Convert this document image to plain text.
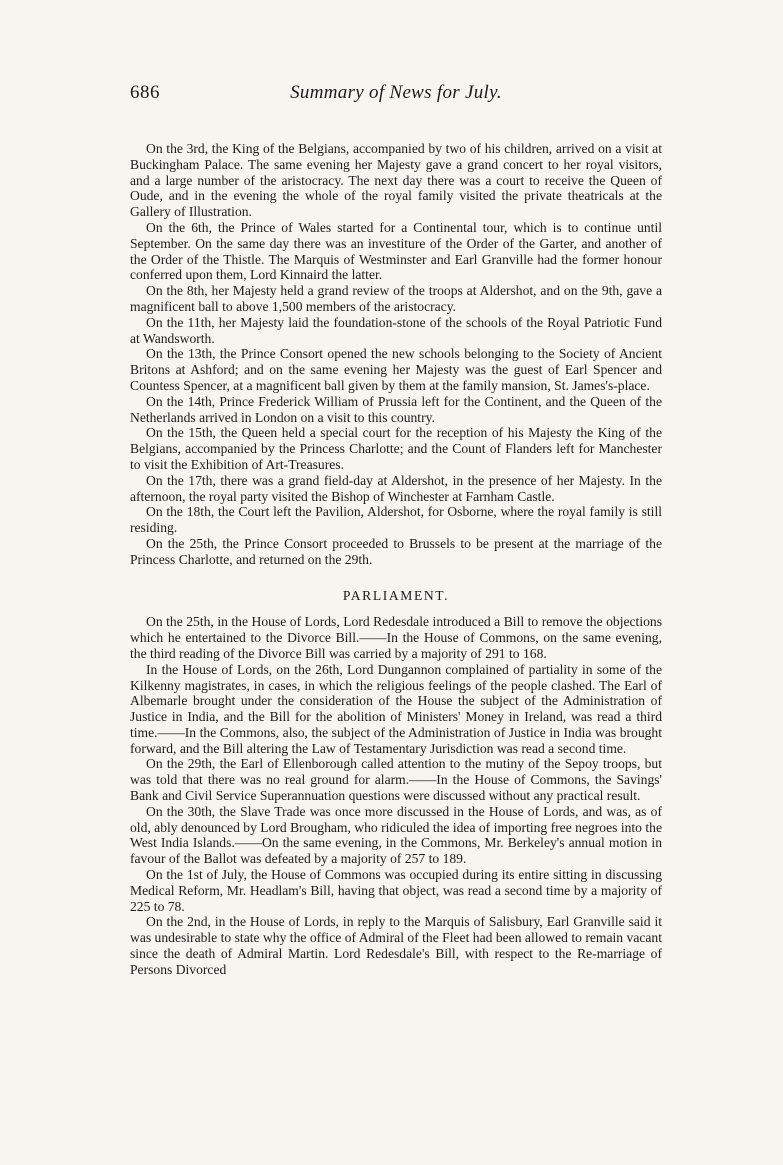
686	Summary of News for July.

On the 3rd, the King of the Belgians, accompanied by two of his children, arrived on a visit at Buckingham Palace. The same evening her Majesty gave a grand concert to her royal visitors, and a large number of the aristocracy. The next day there was a court to receive the Queen of Oude, and in the evening the whole of the royal family visited the private theatricals at the Gallery of Illustration.

On the 6th, the Prince of Wales started for a Continental tour, which is to continue until September. On the same day there was an investiture of the Order of the Garter, and another of the Order of the Thistle. The Marquis of Westminster and Earl Granville had the former honour conferred upon them, Lord Kinnaird the latter.

On the 8th, her Majesty held a grand review of the troops at Aldershot, and on the 9th, gave a magnificent ball to above 1,500 members of the aristocracy.

On the 11th, her Majesty laid the foundation-stone of the schools of the Royal Patriotic Fund at Wandsworth.

On the 13th, the Prince Consort opened the new schools belonging to the Society of Ancient Britons at Ashford; and on the same evening her Majesty was the guest of Earl Spencer and Countess Spencer, at a magnificent ball given by them at the family mansion, St. James's-place.

On the 14th, Prince Frederick William of Prussia left for the Continent, and the Queen of the Netherlands arrived in London on a visit to this country.

On the 15th, the Queen held a special court for the reception of his Majesty the King of the Belgians, accompanied by the Princess Charlotte; and the Count of Flanders left for Manchester to visit the Exhibition of Art-Treasures.

On the 17th, there was a grand field-day at Aldershot, in the presence of her Majesty. In the afternoon, the royal party visited the Bishop of Winchester at Farnham Castle.

On the 18th, the Court left the Pavilion, Aldershot, for Osborne, where the royal family is still residing.

On the 25th, the Prince Consort proceeded to Brussels to be present at the marriage of the Princess Charlotte, and returned on the 29th.

PARLIAMENT.

On the 25th, in the House of Lords, Lord Redesdale introduced a Bill to remove the objections which he entertained to the Divorce Bill.——In the House of Commons, on the same evening, the third reading of the Divorce Bill was carried by a majority of 291 to 168.

In the House of Lords, on the 26th, Lord Dungannon complained of partiality in some of the Kilkenny magistrates, in cases, in which the religious feelings of the people clashed. The Earl of Albemarle brought under the consideration of the House the subject of the Administration of Justice in India, and the Bill for the abolition of Ministers' Money in Ireland, was read a third time.——In the Commons, also, the subject of the Administration of Justice in India was brought forward, and the Bill altering the Law of Testamentary Jurisdiction was read a second time.

On the 29th, the Earl of Ellenborough called attention to the mutiny of the Sepoy troops, but was told that there was no real ground for alarm.——In the House of Commons, the Savings' Bank and Civil Service Superannuation questions were discussed without any practical result.

On the 30th, the Slave Trade was once more discussed in the House of Lords, and was, as of old, ably denounced by Lord Brougham, who ridiculed the idea of importing free negroes into the West India Islands.——On the same evening, in the Commons, Mr. Berkeley's annual motion in favour of the Ballot was defeated by a majority of 257 to 189.

On the 1st of July, the House of Commons was occupied during its entire sitting in discussing Medical Reform, Mr. Headlam's Bill, having that object, was read a second time by a majority of 225 to 78.

On the 2nd, in the House of Lords, in reply to the Marquis of Salisbury, Earl Granville said it was undesirable to state why the office of Admiral of the Fleet had been allowed to remain vacant since the death of Admiral Martin. Lord Redesdale's Bill, with respect to the Re-marriage of Persons Divorced
